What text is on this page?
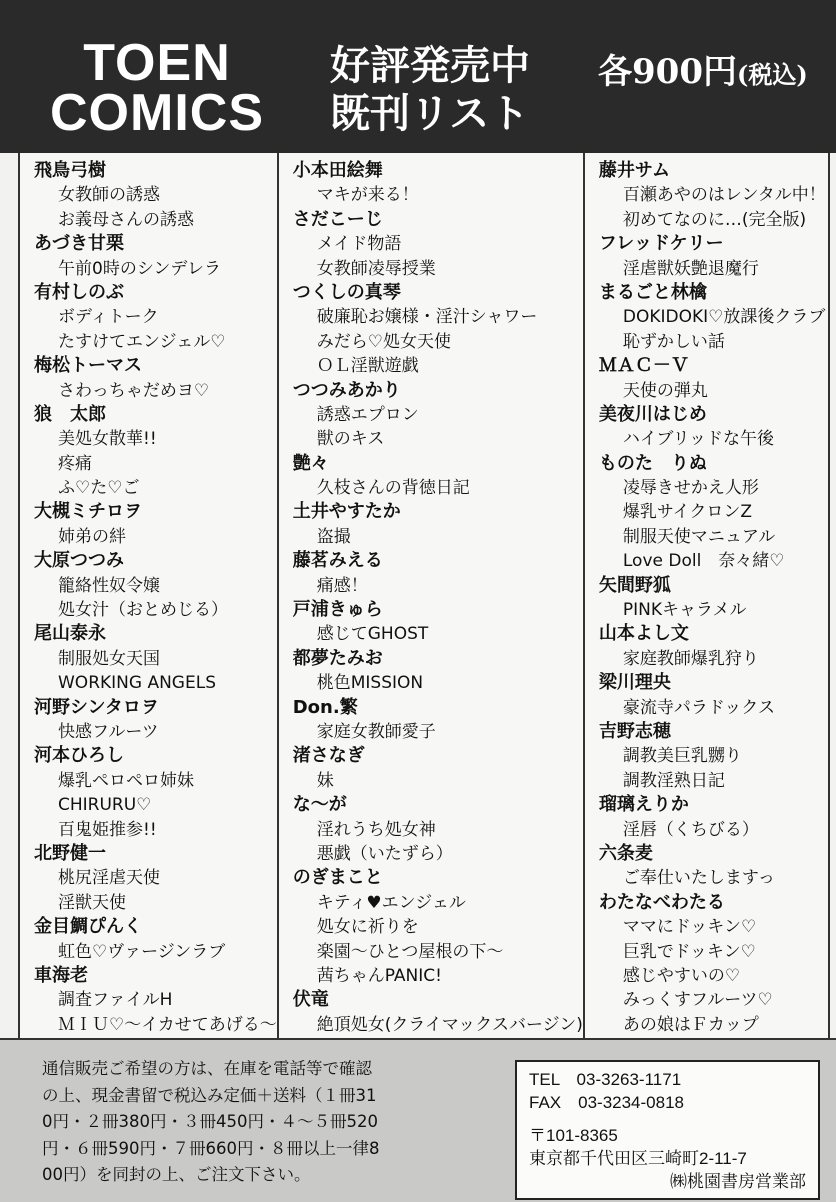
TOEN
COMICS
好評発売中
既刊リスト
各900円(税込)
飛鳥弓樹
女教師の誘惑
お義母さんの誘惑
あづき甘栗
午前0時のシンデレラ
有村しのぶ
ボディトーク
たすけてエンジェル♡
梅松トーマス
さわっちゃだめヨ♡
狼　太郎
美処女散華!!
疼痛
ふ♡た♡ご
大槻ミチロヲ
姉弟の絆
大原つつみ
籠絡性奴令嬢
処女汁（おとめじる）
尾山泰永
制服処女天国
WORKING ANGELS
河野シンタロヲ
快感フルーツ
河本ひろし
爆乳ペロペロ姉妹
CHIRURU♡
百鬼姫推参!!
北野健一
桃尻淫虐天使
淫獣天使
金目鯛ぴんく
虹色♡ヴァージンラブ
車海老
調査ファイルH
ＭＩＵ♡～イカせてあげる～
小本田絵舞
マキが来る！
さだこーじ
メイド物語
女教師凌辱授業
つくしの真琴
破廉恥お嬢様・淫汁シャワー
みだら♡処女天使
ＯＬ淫獣遊戯
つつみあかり
誘惑エプロン
獣のキス
艶々
久枝さんの背徳日記
土井やすたか
盗撮
藤茗みえる
痛感！
戸浦きゅら
感じてGHOST
都夢たみお
桃色MISSION
Don.繁
家庭女教師愛子
渚さなぎ
妹
な～が
淫れうち処女神
悪戯（いたずら）
のぎまこと
キティ♥エンジェル
処女に祈りを
楽園～ひとつ屋根の下～
茜ちゃんPANIC!
伏竜
絶頂処女(クライマックスバージン)
藤井サム
百瀬あやのはレンタル中！
初めてなのに…(完全版)
フレッドケリー
淫虐獣妖艶退魔行
まるごと林檎
DOKIDOKI♡放課後クラブ
恥ずかしい話
ＭＡＣ－Ｖ
天使の弾丸
美夜川はじめ
ハイブリッドな午後
ものた　りぬ
凌辱きせかえ人形
爆乳サイクロンZ
制服天使マニュアル
Love Doll　奈々緒♡
矢間野狐
PINKキャラメル
山本よし文
家庭教師爆乳狩り
梁川理央
豪流寺パラドックス
吉野志穂
調教美巨乳嬲り
調教淫熟日記
瑠璃えりか
淫唇（くちびる）
六条麦
ご奉仕いたしますっ
わたなべわたる
ママにドッキン♡
巨乳でドッキン♡
感じやすいの♡
みっくすフルーツ♡
あの娘はＦカップ
通信販売ご希望の方は、在庫を電話等で確認
の上、現金書留で税込み定価＋送料（１冊31
0円・２冊380円・３冊450円・４～５冊520
円・６冊590円・７冊660円・８冊以上一律8
00円）を同封の上、ご注文下さい。
TEL　03-3263-1171
FAX　03-3234-0818
〒101-8365
東京都千代田区三崎町2-11-7
㈱桃園書房営業部
